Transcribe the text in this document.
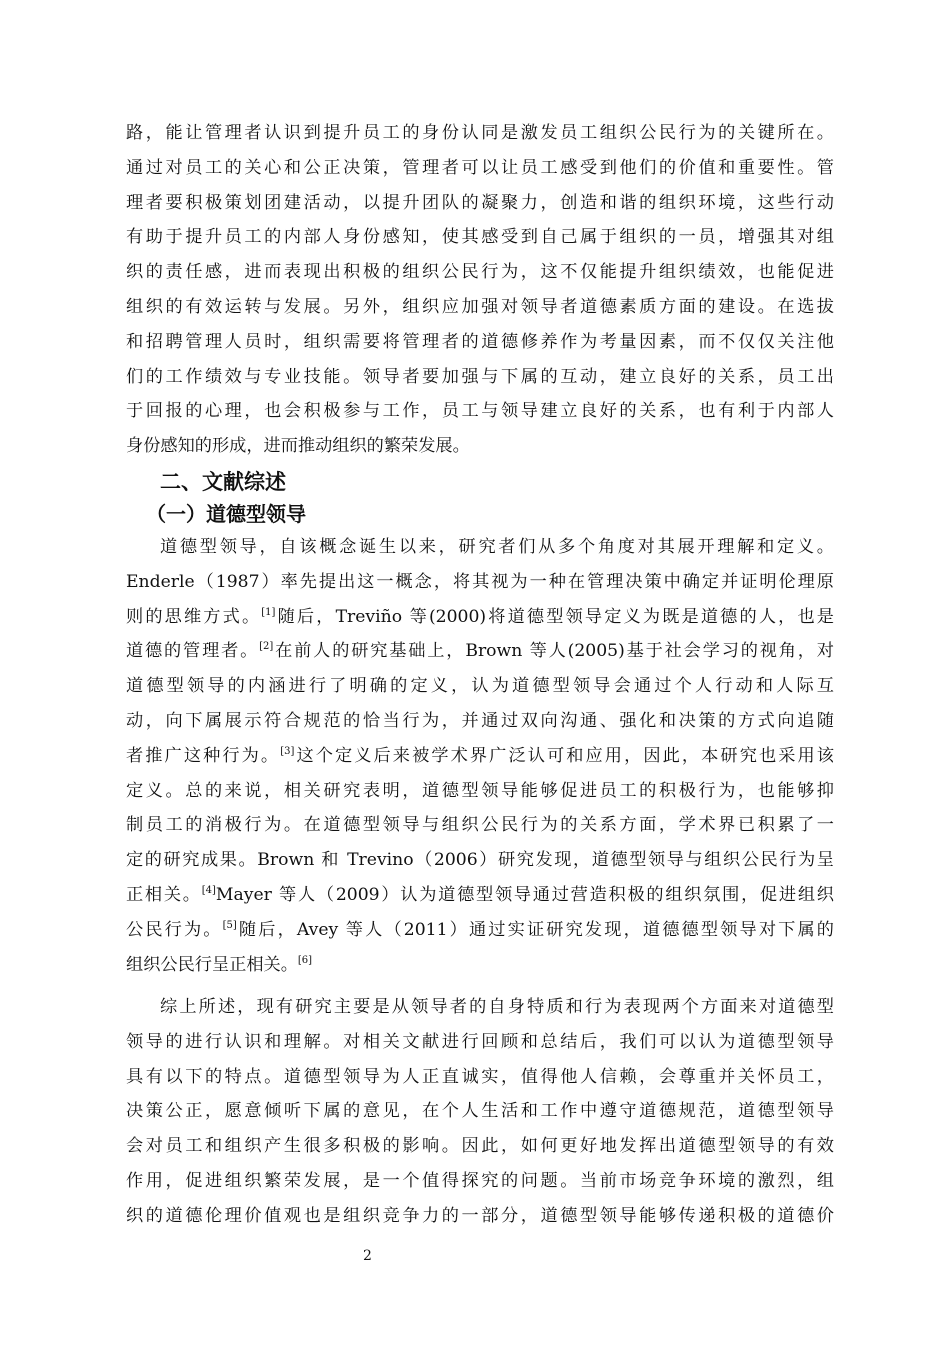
路，能让管理者认识到提升员工的身份认同是激发员工组织公民行为的关键所在。
通过对员工的关心和公正决策，管理者可以让员工感受到他们的价值和重要性。管
理者要积极策划团建活动，以提升团队的凝聚力，创造和谐的组织环境，这些行动
有助于提升员工的内部人身份感知，使其感受到自己属于组织的一员，增强其对组
织的责任感，进而表现出积极的组织公民行为，这不仅能提升组织绩效，也能促进
组织的有效运转与发展。另外，组织应加强对领导者道德素质方面的建设。在选拔
和招聘管理人员时，组织需要将管理者的道德修养作为考量因素，而不仅仅关注他
们的工作绩效与专业技能。领导者要加强与下属的互动，建立良好的关系，员工出
于回报的心理，也会积极参与工作，员工与领导建立良好的关系，也有利于内部人
身份感知的形成，进而推动组织的繁荣发展。
二、文献综述
（一）道德型领导
道德型领导，自该概念诞生以来，研究者们从多个角度对其展开理解和定义。
Enderle（1987）率先提出这一概念，将其视为一种在管理决策中确定并证明伦理原
则的思维方式。[1]随后，Treviño 等(2000)将道德型领导定义为既是道德的人，也是
道德的管理者。[2]在前人的研究基础上，Brown 等人(2005)基于社会学习的视角，对
道德型领导的内涵进行了明确的定义，认为道德型领导会通过个人行动和人际互
动，向下属展示符合规范的恰当行为，并通过双向沟通、强化和决策的方式向追随
者推广这种行为。[3]这个定义后来被学术界广泛认可和应用，因此，本研究也采用该
定义。总的来说，相关研究表明，道德型领导能够促进员工的积极行为，也能够抑
制员工的消极行为。在道德型领导与组织公民行为的关系方面，学术界已积累了一
定的研究成果。Brown 和 Trevino（2006）研究发现，道德型领导与组织公民行为呈
正相关。[4]Mayer 等人（2009）认为道德型领导通过营造积极的组织氛围，促进组织
公民行为。[5]随后，Avey 等人（2011）通过实证研究发现，道德德型领导对下属的
组织公民行呈正相关。[6]
综上所述，现有研究主要是从领导者的自身特质和行为表现两个方面来对道德型
领导的进行认识和理解。对相关文献进行回顾和总结后，我们可以认为道德型领导
具有以下的特点。道德型领导为人正直诚实，值得他人信赖，会尊重并关怀员工，
决策公正，愿意倾听下属的意见，在个人生活和工作中遵守道德规范，道德型领导
会对员工和组织产生很多积极的影响。因此，如何更好地发挥出道德型领导的有效
作用，促进组织繁荣发展，是一个值得探究的问题。当前市场竞争环境的激烈，组
织的道德伦理价值观也是组织竞争力的一部分，道德型领导能够传递积极的道德价
2
